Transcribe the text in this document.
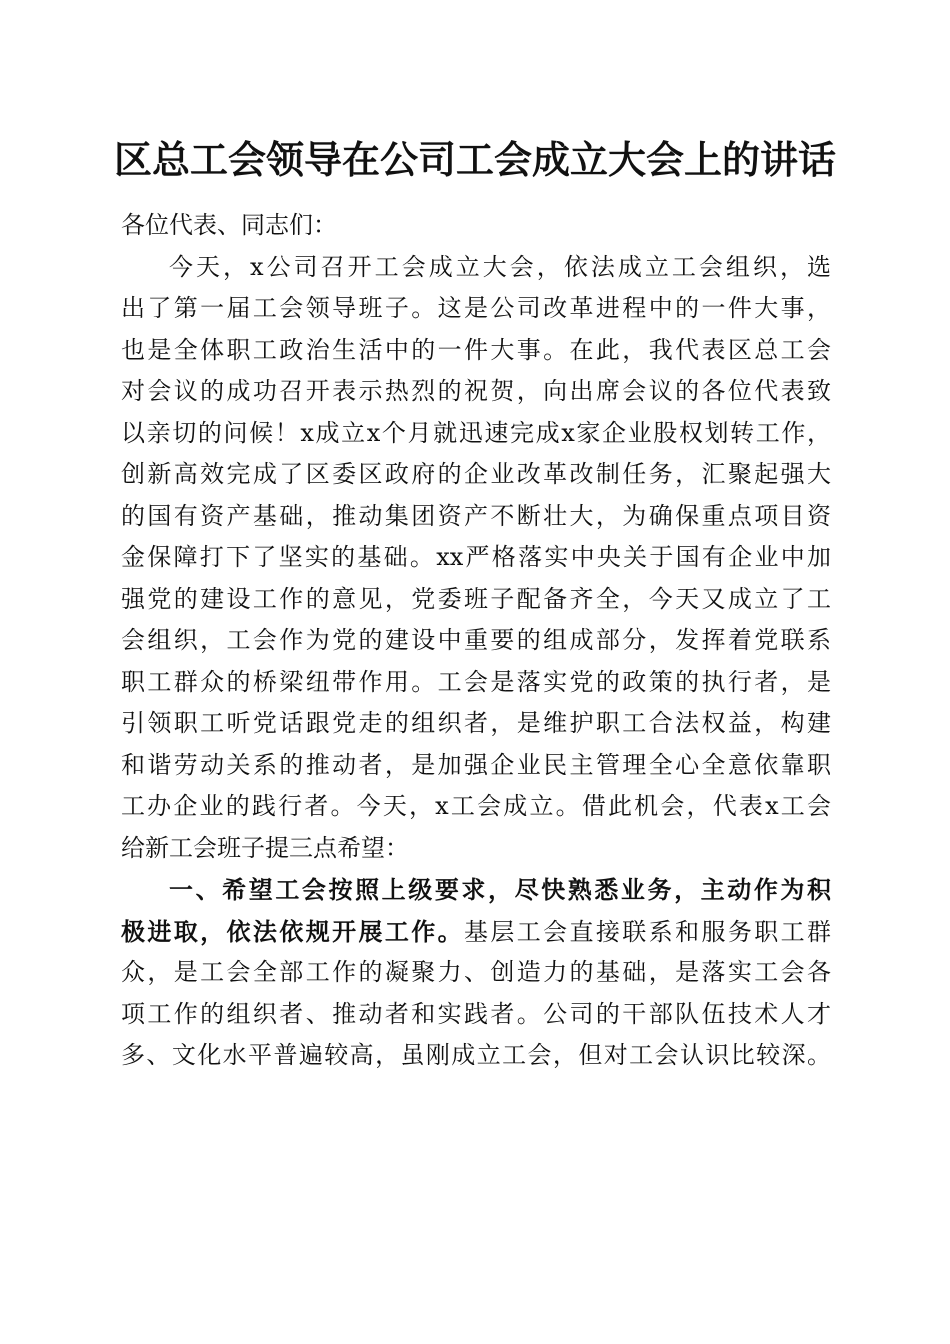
区总工会领导在公司工会成立大会上的讲话
各位代表、同志们：
今天，x公司召开工会成立大会，依法成立工会组织，选
出了第一届工会领导班子。这是公司改革进程中的一件大事，
也是全体职工政治生活中的一件大事。在此，我代表区总工会
对会议的成功召开表示热烈的祝贺，向出席会议的各位代表致
以亲切的问候！x成立x个月就迅速完成x家企业股权划转工作，
创新高效完成了区委区政府的企业改革改制任务，汇聚起强大
的国有资产基础，推动集团资产不断壮大，为确保重点项目资
金保障打下了坚实的基础。xx严格落实中央关于国有企业中加
强党的建设工作的意见，党委班子配备齐全，今天又成立了工
会组织，工会作为党的建设中重要的组成部分，发挥着党联系
职工群众的桥梁纽带作用。工会是落实党的政策的执行者，是
引领职工听党话跟党走的组织者，是维护职工合法权益，构建
和谐劳动关系的推动者，是加强企业民主管理全心全意依靠职
工办企业的践行者。今天，x工会成立。借此机会，代表x工会
给新工会班子提三点希望：
一、希望工会按照上级要求，尽快熟悉业务，主动作为积
极进取，依法依规开展工作。基层工会直接联系和服务职工群
众，是工会全部工作的凝聚力、创造力的基础，是落实工会各
项工作的组织者、推动者和实践者。公司的干部队伍技术人才
多、文化水平普遍较高，虽刚成立工会，但对工会认识比较深。
